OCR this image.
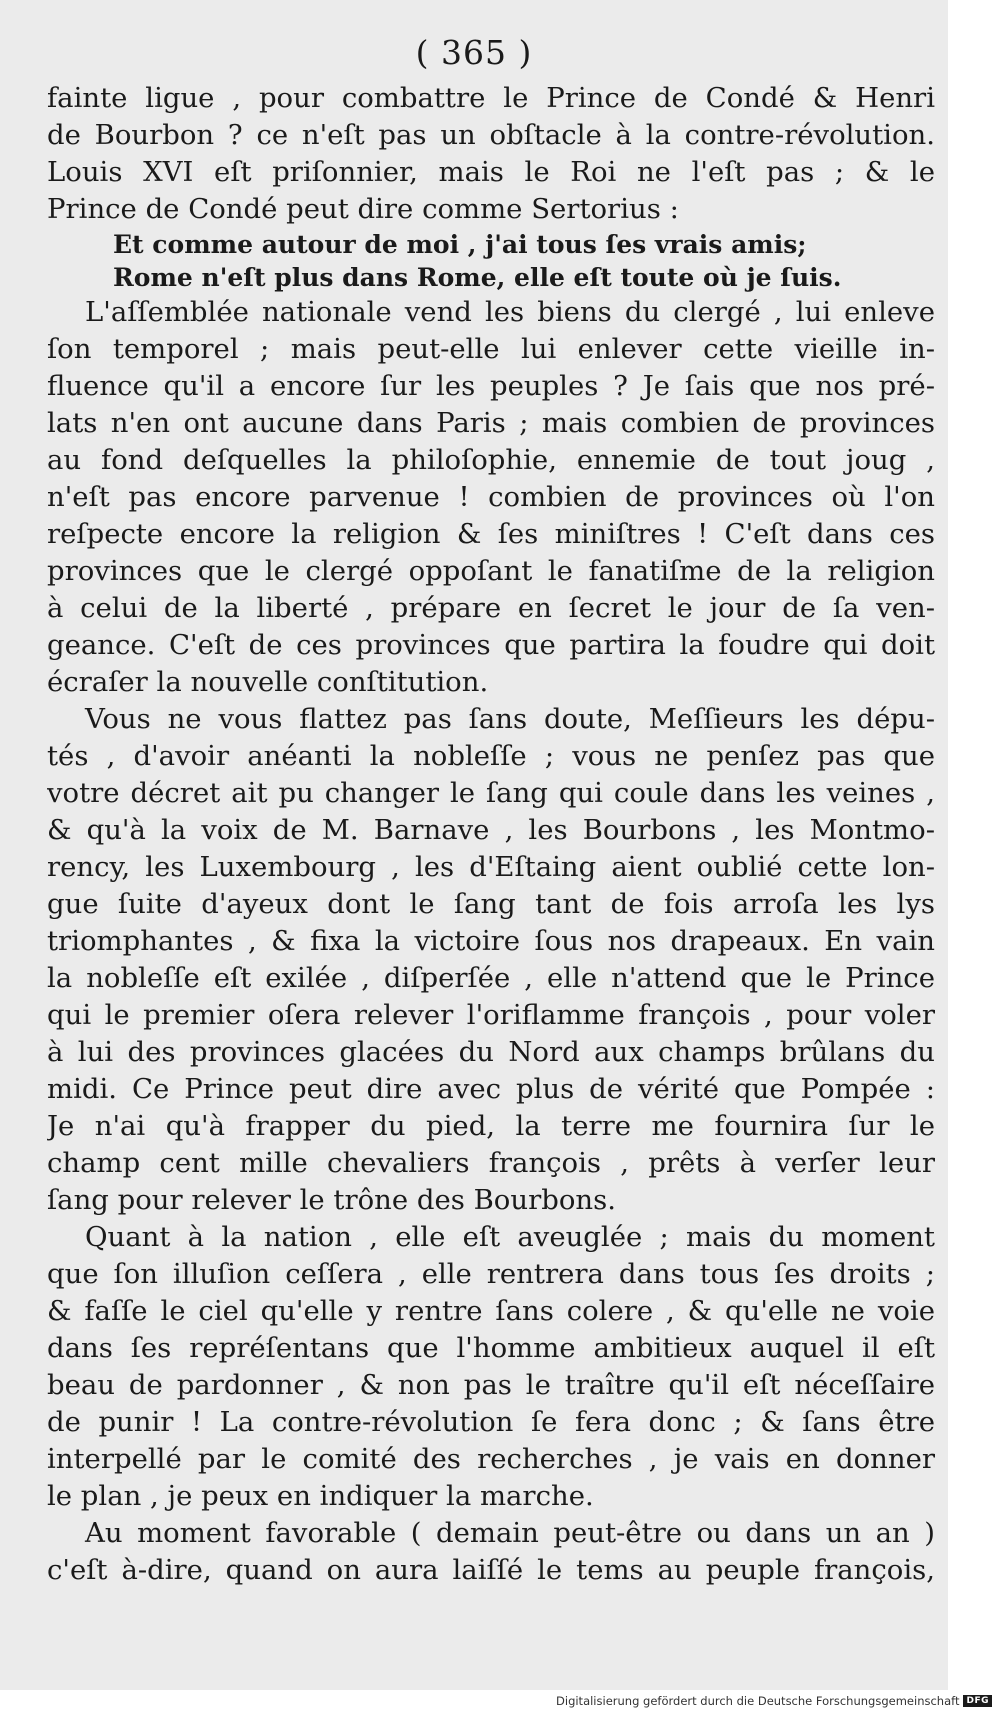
( 365 )
fainte ligue , pour combattre le Prince de Condé & Henri
de Bourbon ? ce n'eſt pas un obſtacle à la contre-révolution.
Louis XVI eſt priſonnier, mais le Roi ne l'eſt pas ; & le
Prince de Condé peut dire comme Sertorius :
Et comme autour de moi , j'ai tous ſes vrais amis;
Rome n'eſt plus dans Rome, elle eſt toute où je ſuis.
L'aſſemblée nationale vend les biens du clergé , lui enleve
ſon temporel ; mais peut-elle lui enlever cette vieille in-
fluence qu'il a encore ſur les peuples ? Je ſais que nos pré-
lats n'en ont aucune dans Paris ; mais combien de provinces
au fond deſquelles la philoſophie, ennemie de tout joug ,
n'eſt pas encore parvenue ! combien de provinces où l'on
reſpecte encore la religion & ſes miniſtres ! C'eſt dans ces
provinces que le clergé oppoſant le fanatiſme de la religion
à celui de la liberté , prépare en ſecret le jour de ſa ven-
geance. C'eſt de ces provinces que partira la foudre qui doit
écraſer la nouvelle conſtitution.
Vous ne vous flattez pas ſans doute, Meſſieurs les dépu-
tés , d'avoir anéanti la nobleſſe ; vous ne penſez pas que
votre décret ait pu changer le ſang qui coule dans les veines ,
& qu'à la voix de M. Barnave , les Bourbons , les Montmo-
rency, les Luxembourg , les d'Eſtaing aient oublié cette lon-
gue ſuite d'ayeux dont le ſang tant de fois arroſa les lys
triomphantes , & fixa la victoire ſous nos drapeaux. En vain
la nobleſſe eſt exilée , diſperſée , elle n'attend que le Prince
qui le premier oſera relever l'oriflamme françois , pour voler
à lui des provinces glacées du Nord aux champs brûlans du
midi. Ce Prince peut dire avec plus de vérité que Pompée :
Je n'ai qu'à frapper du pied, la terre me fournira ſur le
champ cent mille chevaliers françois , prêts à verſer leur
ſang pour relever le trône des Bourbons.
Quant à la nation , elle eſt aveuglée ; mais du moment
que ſon illuſion ceſſera , elle rentrera dans tous ſes droits ;
& faſſe le ciel qu'elle y rentre ſans colere , & qu'elle ne voie
dans ſes repréſentans que l'homme ambitieux auquel il eſt
beau de pardonner , & non pas le traître qu'il eſt néceſſaire
de punir ! La contre-révolution ſe fera donc ; & ſans être
interpellé par le comité des recherches , je vais en donner
le plan , je peux en indiquer la marche.
Au moment favorable ( demain peut-être ou dans un an )
c'eſt à-dire, quand on aura laiſſé le tems au peuple françois,
Digitalisierung gefördert durch die Deutsche Forschungsgemeinschaft DFG
